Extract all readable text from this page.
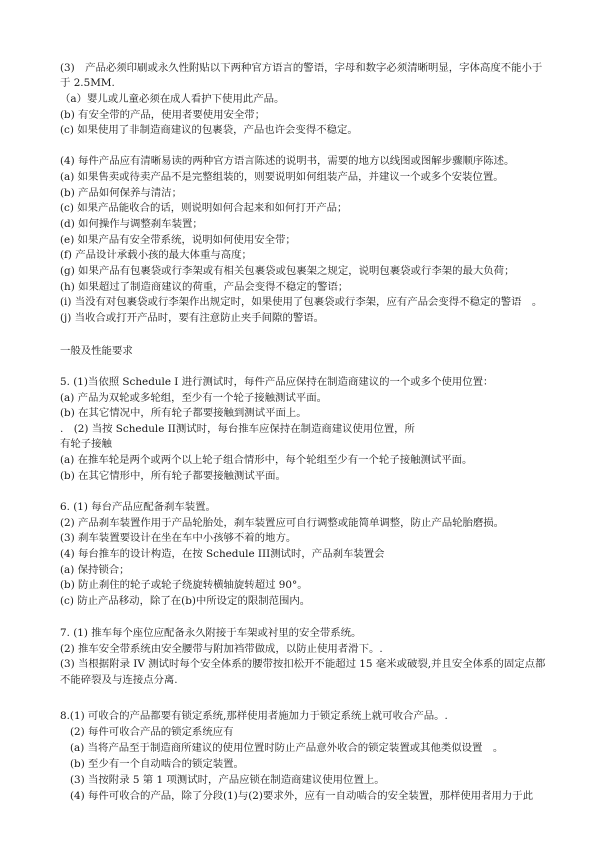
(3)　产品必须印刷或永久性附贴以下两种官方语言的警语，字母和数字必须清晰明显，字体高度不能小于
于 2.5MM.
（a）婴儿或儿童必须在成人看护下使用此产品。
(b) 有安全带的产品，使用者要使用安全带；
(c) 如果使用了非制造商建议的包裹袋，产品也许会变得不稳定。
(4) 每件产品应有清晰易读的两种官方语言陈述的说明书，需要的地方以线图或图解步骤顺序陈述。
(a) 如果售卖或待卖产品不是完整组装的，则要说明如何组装产品，并建议一个或多个安装位置。
(b) 产品如何保养与清洁；
(c) 如果产品能收合的话，则说明如何合起来和如何打开产品；
(d) 如何操作与调整刹车装置；
(e) 如果产品有安全带系统，说明如何使用安全带；
(f) 产品设计承载小孩的最大体重与高度；
(g) 如果产品有包裹袋或行李架或有相关包裹袋或包裹架之规定，说明包裹袋或行李架的最大负荷；
(h) 如果超过了制造商建议的荷重，产品会变得不稳定的警语；
(i) 当没有对包裹袋或行李架作出规定时，如果使用了包裹袋或行李架，应有产品会变得不稳定的警语　。
(j) 当收合或打开产品时，要有注意防止夹手间隙的警语。
一般及性能要求
5. (1)当依照 Schedule I 进行测试时，每件产品应保持在制造商建议的一个或多个使用位置：
(a) 产品为双轮或多轮组，至少有一个轮子接触测试平面。
(b) 在其它情况中，所有轮子都要接触到测试平面上。
.　(2) 当按 Schedule II测试时，每台推车应保持在制造商建议使用位置，所
有轮子接触
(a) 在推车轮是两个或两个以上轮子组合情形中，每个轮组至少有一个轮子接触测试平面。
(b) 在其它情形中，所有轮子都要接触测试平面。
6. (1) 每台产品应配备刹车装置。
(2) 产品刹车装置作用于产品轮胎处，刹车装置应可自行调整或能简单调整，防止产品轮胎磨损。
(3) 刹车装置要设计在坐在车中小孩够不着的地方。
(4) 每台推车的设计构造，在按 Schedule III测试时，产品刹车装置会
(a) 保持锁合；
(b) 防止刹住的轮子或轮子绕旋转横轴旋转超过 90°。
(c) 防止产品移动，除了在(b)中所设定的限制范围内。
7. (1) 推车每个座位应配备永久附接于车架或衬里的安全带系统。
(2) 推车安全带系统由安全腰带与附加裆带做成，以防止使用者滑下。.
(3) 当根据附录 IV 测试时每个安全体系的腰带按扣松开不能超过 15 毫米或破裂,并且安全体系的固定点都
不能碎裂及与连接点分离.
8.(1) 可收合的产品都要有锁定系统,那样使用者施加力于锁定系统上就可收合产品。.
(2) 每件可收合产品的锁定系统应有
(a) 当将产品至于制造商所建议的使用位置时防止产品意外收合的锁定装置或其他类似设置　。
(b) 至少有一个自动啮合的锁定装置。
(3) 当按附录 5 第 1 项测试时，产品应锁在制造商建议使用位置上。
(4) 每件可收合的产品，除了分段(1)与(2)要求外，应有一自动啮合的安全装置，那样使用者用力于此
